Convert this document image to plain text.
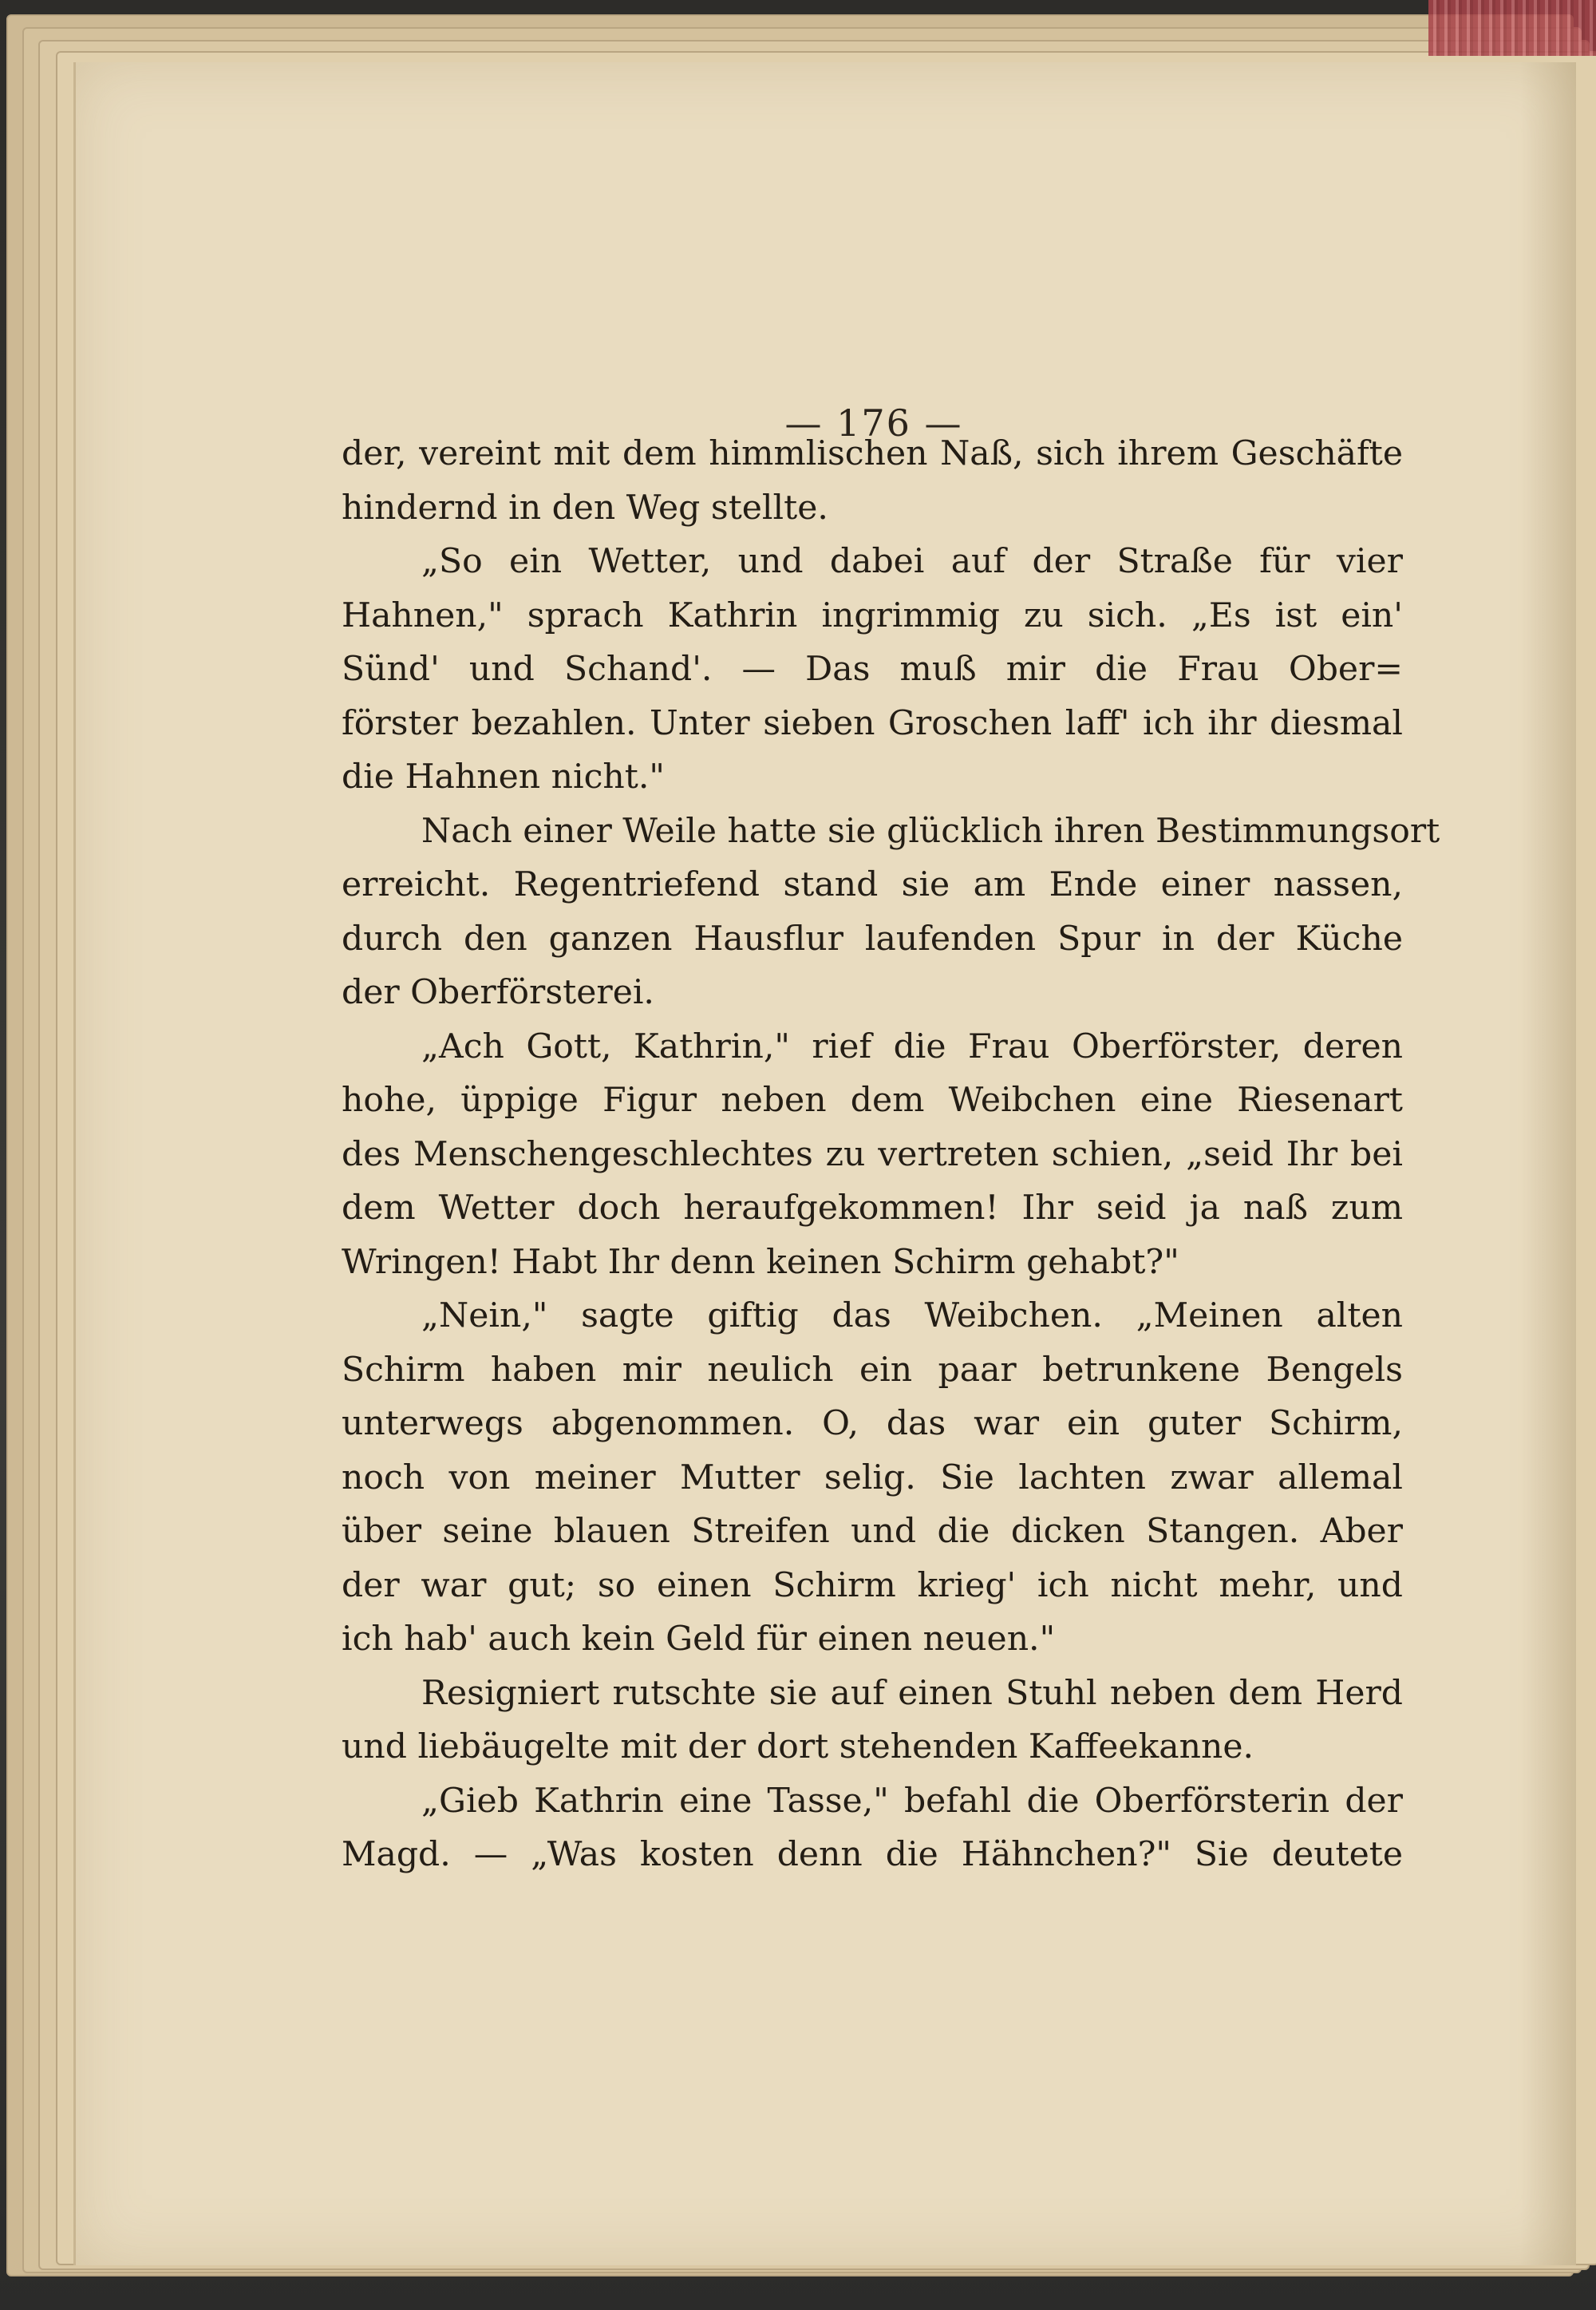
— 176 —
der, vereint mit dem himmlischen Naß, sich ihrem Geschäfte
hindernd in den Weg stellte.
„So ein Wetter, und dabei auf der Straße für vier
Hahnen," sprach Kathrin ingrimmig zu sich. „Es ist ein'
Sünd' und Schand'. — Das muß mir die Frau Ober=
förster bezahlen. Unter sieben Groschen laff' ich ihr diesmal
die Hahnen nicht."
Nach einer Weile hatte sie glücklich ihren Bestimmungsort
erreicht. Regentriefend stand sie am Ende einer nassen,
durch den ganzen Hausflur laufenden Spur in der Küche
der Oberförsterei.
„Ach Gott, Kathrin," rief die Frau Oberförster, deren
hohe, üppige Figur neben dem Weibchen eine Riesenart
des Menschengeschlechtes zu vertreten schien, „seid Ihr bei
dem Wetter doch heraufgekommen! Ihr seid ja naß zum
Wringen! Habt Ihr denn keinen Schirm gehabt?"
„Nein," sagte giftig das Weibchen. „Meinen alten
Schirm haben mir neulich ein paar betrunkene Bengels
unterwegs abgenommen. O, das war ein guter Schirm,
noch von meiner Mutter selig. Sie lachten zwar allemal
über seine blauen Streifen und die dicken Stangen. Aber
der war gut; so einen Schirm krieg' ich nicht mehr, und
ich hab' auch kein Geld für einen neuen."
Resigniert rutschte sie auf einen Stuhl neben dem Herd
und liebäugelte mit der dort stehenden Kaffeekanne.
„Gieb Kathrin eine Tasse," befahl die Oberförsterin der
Magd. — „Was kosten denn die Hähnchen?" Sie deutete
